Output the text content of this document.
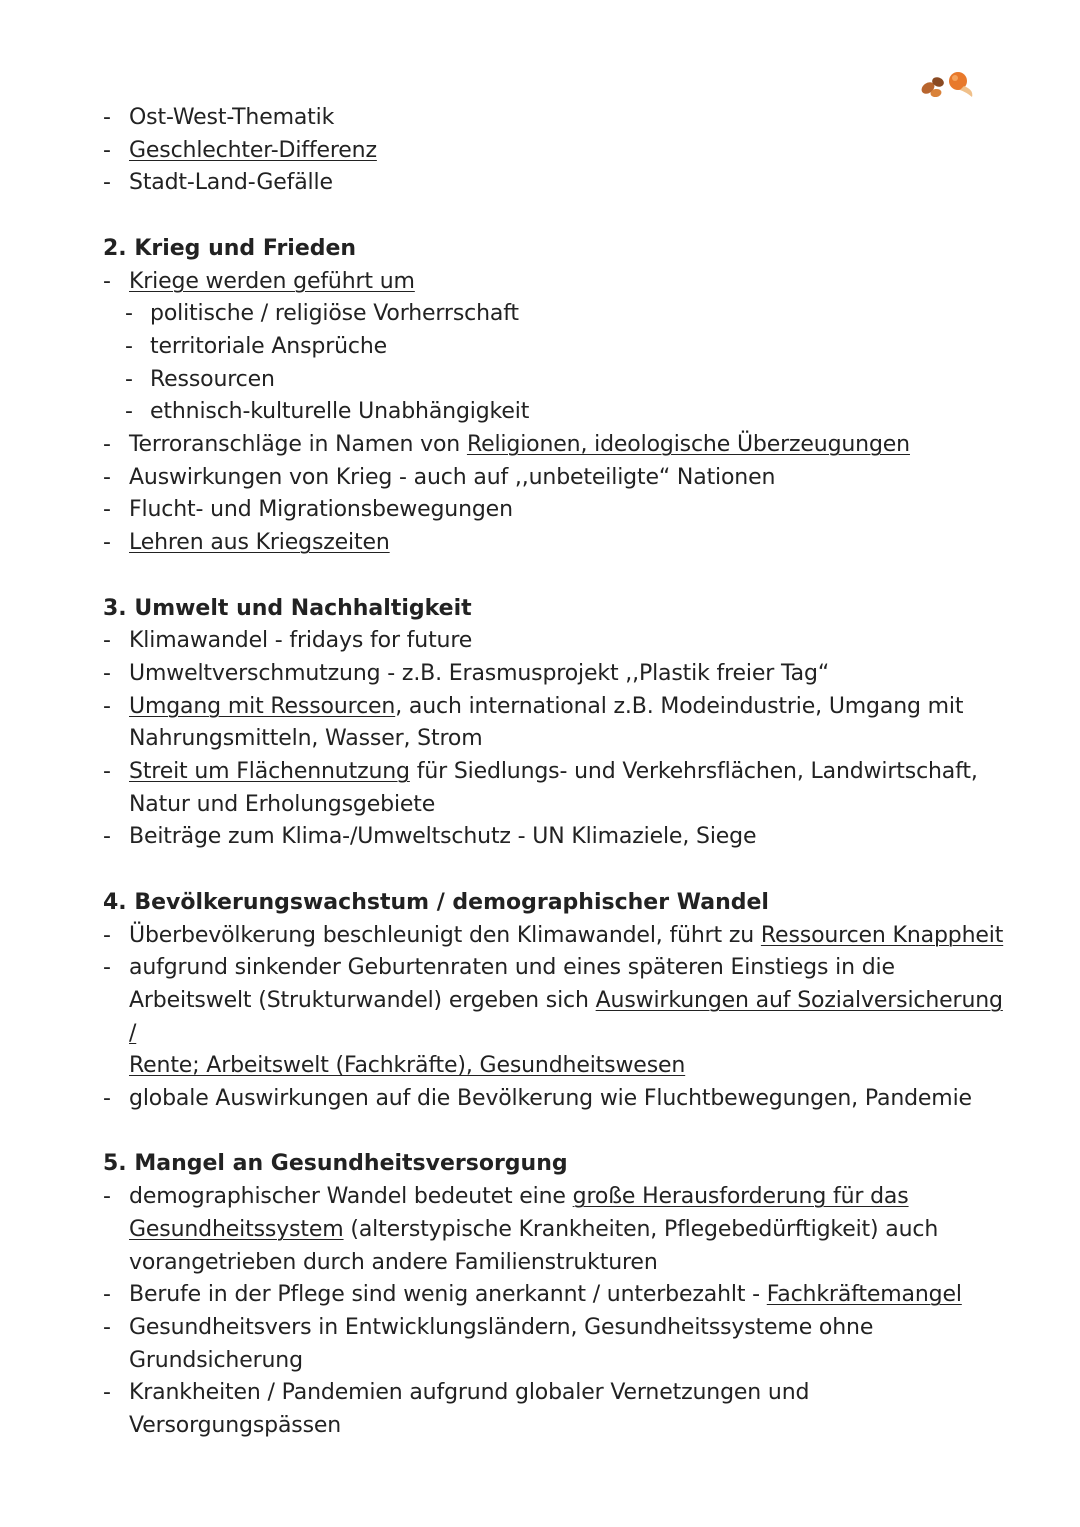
- Ost-West-Thematik
- Geschlechter-Differenz
- Stadt-Land-Gefälle
2. Krieg und Frieden
- Kriege werden geführt um
- politische / religiöse Vorherrschaft
- territoriale Ansprüche
- Ressourcen
- ethnisch-kulturelle Unabhängigkeit
- Terroranschläge in Namen von Religionen, ideologische Überzeugungen
- Auswirkungen von Krieg - auch auf ,,unbeteiligte“ Nationen
- Flucht- und Migrationsbewegungen
- Lehren aus Kriegszeiten
3. Umwelt und Nachhaltigkeit
- Klimawandel - fridays for future
- Umweltverschmutzung - z.B. Erasmusprojekt ,,Plastik freier Tag“
- Umgang mit Ressourcen, auch international z.B. Modeindustrie, Umgang mit
Nahrungsmitteln, Wasser, Strom
- Streit um Flächennutzung für Siedlungs- und Verkehrsflächen, Landwirtschaft,
Natur und Erholungsgebiete
- Beiträge zum Klima-/Umweltschutz - UN Klimaziele, Siege
4. Bevölkerungswachstum / demographischer Wandel
- Überbevölkerung beschleunigt den Klimawandel, führt zu Ressourcen Knappheit
- aufgrund sinkender Geburtenraten und eines späteren Einstiegs in die
Arbeitswelt (Strukturwandel) ergeben sich Auswirkungen auf Sozialversicherung /
Rente; Arbeitswelt (Fachkräfte), Gesundheitswesen
- globale Auswirkungen auf die Bevölkerung wie Fluchtbewegungen, Pandemie
5. Mangel an Gesundheitsversorgung
- demographischer Wandel bedeutet eine große Herausforderung für das
Gesundheitssystem (alterstypische Krankheiten, Pflegebedürftigkeit) auch
vorangetrieben durch andere Familienstrukturen
- Berufe in der Pflege sind wenig anerkannt / unterbezahlt - Fachkräftemangel
- Gesundheitsvers in Entwicklungsländern, Gesundheitssysteme ohne
Grundsicherung
- Krankheiten / Pandemien aufgrund globaler Vernetzungen und
Versorgungspässen
